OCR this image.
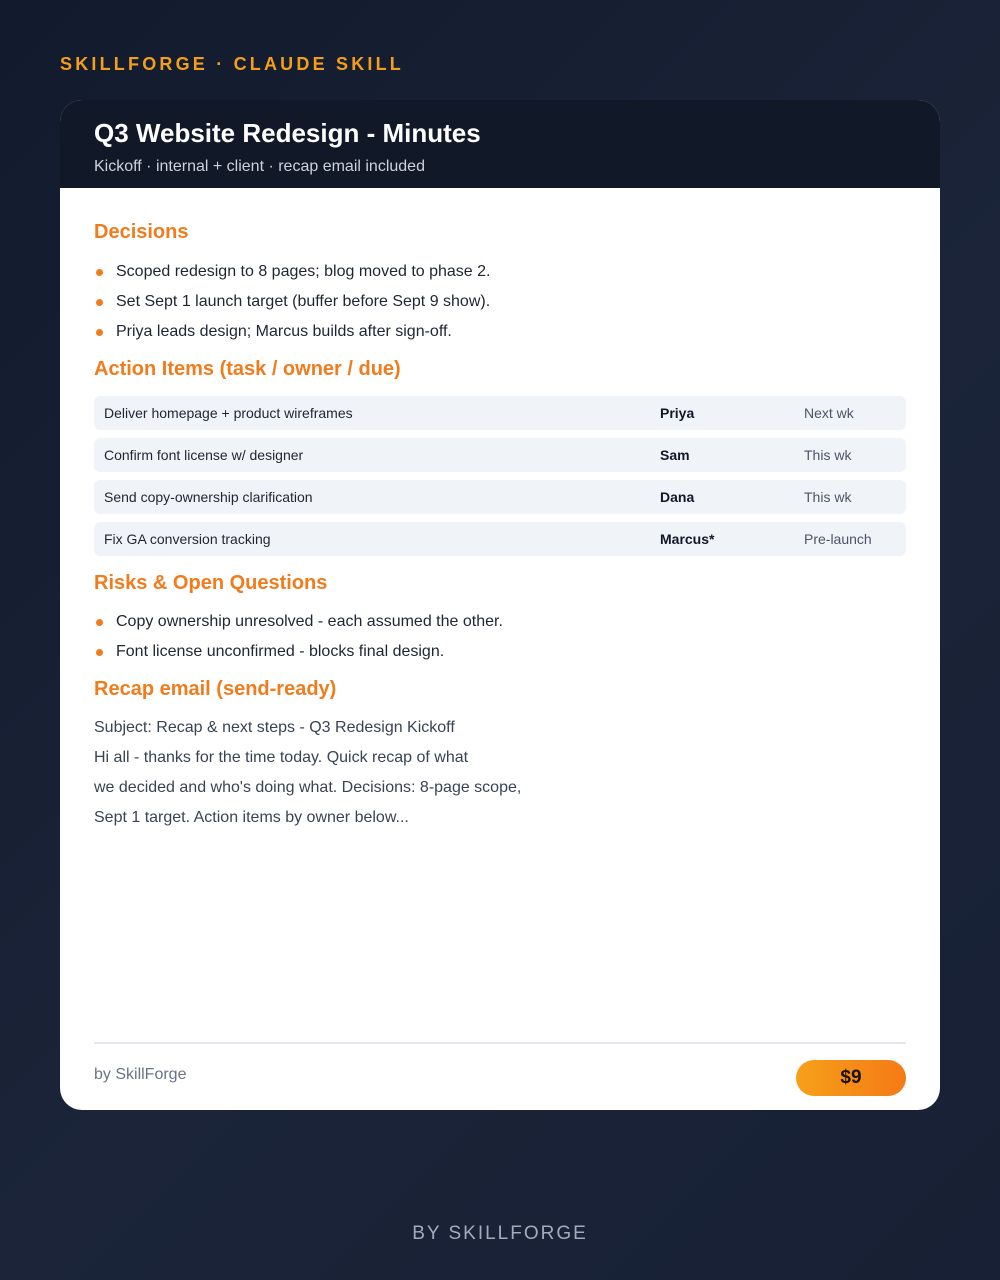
SKILLFORGE · CLAUDE SKILL
Q3 Website Redesign - Minutes
Kickoff · internal + client · recap email included
Decisions
Scoped redesign to 8 pages; blog moved to phase 2.
Set Sept 1 launch target (buffer before Sept 9 show).
Priya leads design; Marcus builds after sign-off.
Action Items (task / owner / due)
Deliver homepage + product wireframes	Priya	Next wk
Confirm font license w/ designer	Sam	This wk
Send copy-ownership clarification	Dana	This wk
Fix GA conversion tracking	Marcus*	Pre-launch
Risks & Open Questions
Copy ownership unresolved - each assumed the other.
Font license unconfirmed - blocks final design.
Recap email (send-ready)
Subject: Recap & next steps - Q3 Redesign Kickoff
Hi all - thanks for the time today. Quick recap of what
we decided and who's doing what. Decisions: 8-page scope,
Sept 1 target. Action items by owner below...
by SkillForge	$9
BY SKILLFORGE
